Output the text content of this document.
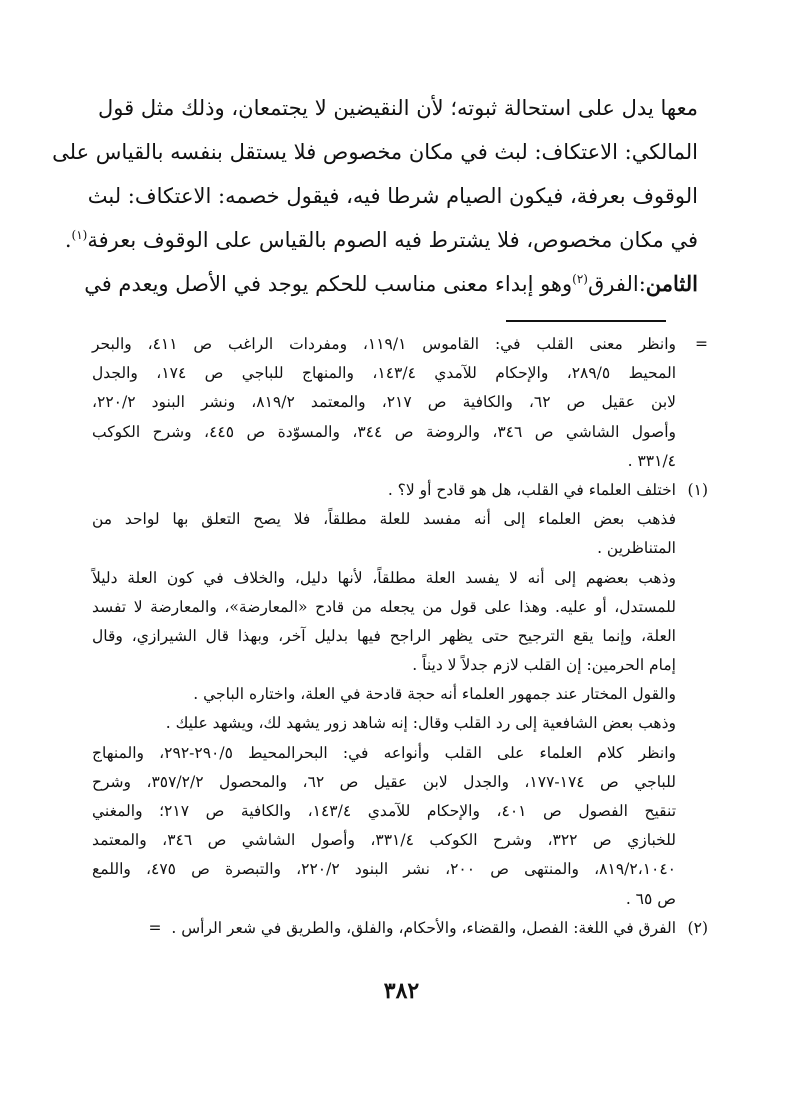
معها يدل على استحالة ثبوته؛ لأن النقيضين لا يجتمعان، وذلك مثل قول
المالكي: الاعتكاف: لبث في مكان مخصوص فلا يستقل بنفسه بالقياس على
الوقوف بعرفة، فيكون الصيام شرطا فيه، فيقول خصمه: الاعتكاف: لبث
في مكان مخصوص، فلا يشترط فيه الصوم بالقياس على الوقوف بعرفة$^{(١)}$.
الثامن:الفرق$^{(٢)}$وهو إبداء معنى مناسب للحكم يوجد في الأصل ويعدم في
=وانظر معنى القلب في: القاموس ١١٩/١، ومفردات الراغب ص ٤١١، والبحر
المحيط ٢٨٩/٥، والإحكام للآمدي ١٤٣/٤، والمنهاج للباجي ص ١٧٤، والجدل
لابن عقيل ص ٦٢، والكافية ص ٢١٧، والمعتمد ٨١٩/٢، ونشر البنود ٢٢٠/٢،
وأصول الشاشي ص ٣٤٦، والروضة ص ٣٤٤، والمسوّدة ص ٤٤٥، وشرح الكوكب
٣٣١/٤ .
(١)اختلف العلماء في القلب، هل هو قادح أو لا؟ .
فذهب بعض العلماء إلى أنه مفسد للعلة مطلقاً، فلا يصح التعلق بها لواحد من
المتناظرين .
وذهب بعضهم إلى أنه لا يفسد العلة مطلقاً، لأنها دليل، والخلاف في كون العلة دليلاً
للمستدل، أو عليه. وهذا على قول من يجعله من قادح «المعارضة»، والمعارضة لا تفسد
العلة، وإنما يقع الترجيح حتى يظهر الراجح فيها بدليل آخر، وبهذا قال الشيرازي، وقال
إمام الحرمين: إن القلب لازم جدلاً لا ديناً .
والقول المختار عند جمهور العلماء أنه حجة قادحة في العلة، واختاره الباجي .
وذهب بعض الشافعية إلى رد القلب وقال: إنه شاهد زور يشهد لك، ويشهد عليك .
وانظر كلام العلماء على القلب وأنواعه في: البحرالمحيط ٢٩٠/٥-٢٩٢، والمنهاج
للباجي ص ١٧٤-١٧٧، والجدل لابن عقيل ص ٦٢، والمحصول ٣٥٧/٢/٢، وشرح
تنقيح الفصول ص ٤٠١، والإحكام للآمدي ١٤٣/٤، والكافية ص ٢١٧؛ والمغني
للخبازي ص ٣٢٢، وشرح الكوكب ٣٣١/٤، وأصول الشاشي ص ٣٤٦، والمعتمد
٨١٩/٢،١٠٤٠، والمنتهى ص ٢٠٠، نشر البنود ٢٢٠/٢، والتبصرة ص ٤٧٥، واللمع
ص ٦٥ .
(٢)الفرق في اللغة: الفصل، والقضاء، والأحكام، والفلق، والطريق في شعر الرأس .  =
٣٨٢
